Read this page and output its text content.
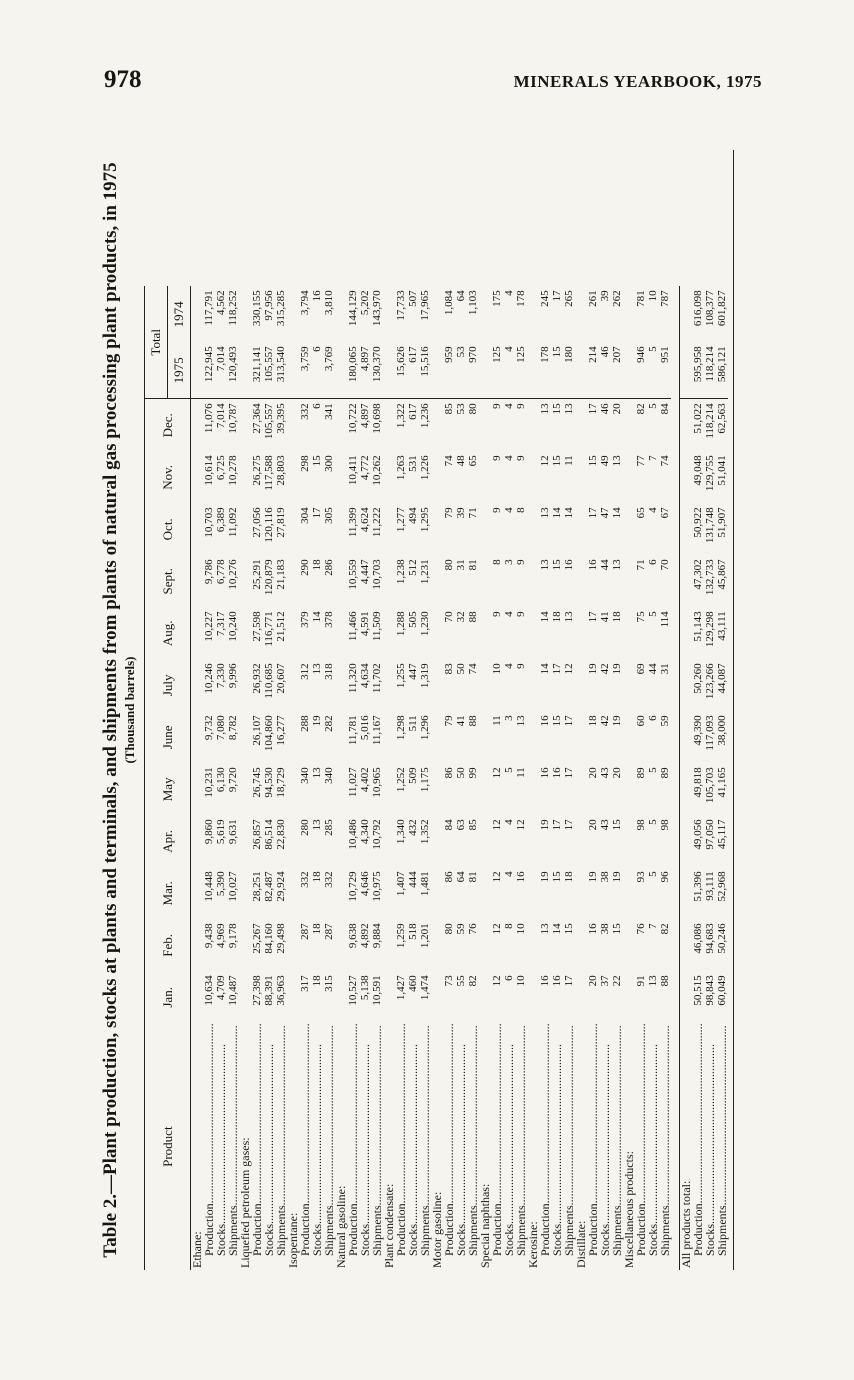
978	MINERALS YEARBOOK, 1975
Table 2.—Plant production, stocks at plants and terminals, and shipments from plants of natural gas processing plant products, in 1975 (Thousand barrels)
Product	Jan.	Feb.	Mar.	Apr.	May	June	July	Aug.	Sept.	Oct.	Nov.	Dec.	Total	
													1975	1974
Ethane:														
Production............................................................	10,634	9,438	10,448	9,860	10,231	9,732	10,246	10,227	9,786	10,703	10,614	11,076	122,945	117,791
Stocks............................................................	4,709	4,969	5,390	5,619	6,130	7,080	7,330	7,317	6,778	6,389	6,725	7,014	7,014	4,562
Shipments............................................................	10,487	9,178	10,027	9,631	9,720	8,782	9,996	10,240	10,276	11,092	10,278	10,787	120,493	118,252
Liquefied petroleum gases:														
Production............................................................	27,398	25,267	28,251	26,857	26,745	26,107	26,932	27,598	25,291	27,056	26,275	27,364	321,141	330,155
Stocks............................................................	88,391	84,160	82,487	86,514	94,530	104,860	110,685	116,771	120,879	120,116	117,588	105,557	105,557	97,956
Shipments............................................................	36,963	29,498	29,924	22,830	18,729	16,277	20,607	21,512	21,183	27,819	28,803	39,395	313,540	315,285
Isopentane:														
Production............................................................	317	287	332	280	340	288	312	379	290	304	298	332	3,759	3,794
Stocks............................................................	18	18	18	13	13	19	13	14	18	17	15	6	6	16
Shipments............................................................	315	287	332	285	340	282	318	378	286	305	300	341	3,769	3,810
Natural gasoline:														
Production............................................................	10,527	9,638	10,729	10,486	11,027	11,781	11,320	11,466	10,559	11,399	10,411	10,722	180,065	144,129
Stocks............................................................	5,138	4,892	4,646	4,340	4,402	5,016	4,634	4,591	4,447	4,624	4,772	4,897	4,897	5,202
Shipments............................................................	10,591	9,884	10,975	10,792	10,965	11,167	11,702	11,509	10,703	11,222	10,262	10,698	130,370	143,970
Plant condensate:														
Production............................................................	1,427	1,259	1,407	1,340	1,252	1,298	1,255	1,288	1,238	1,277	1,263	1,322	15,626	17,733
Stocks............................................................	460	518	444	432	509	511	447	505	512	494	531	617	617	507
Shipments............................................................	1,474	1,201	1,481	1,352	1,175	1,296	1,319	1,230	1,231	1,295	1,226	1,236	15,516	17,965
Motor gasoline:														
Production............................................................	73	80	86	84	86	79	83	70	80	79	74	85	959	1,084
Stocks............................................................	55	59	64	63	50	41	50	32	31	39	48	53	53	64
Shipments............................................................	82	76	81	85	99	88	74	88	81	71	65	80	970	1,103
Special naphthas:														
Production............................................................	12	12	12	12	12	11	10	9	8	9	9	9	125	175
Stocks............................................................	6	8	4	4	5	3	4	4	3	4	4	4	4	4
Shipments............................................................	10	10	16	12	11	13	9	9	9	8	9	9	125	178
Kerosine:														
Production............................................................	16	13	19	19	16	16	14	14	13	13	12	13	178	245
Stocks............................................................	16	14	15	17	16	15	17	18	15	14	15	15	15	17
Shipments............................................................	17	15	18	17	17	17	12	13	16	14	11	13	180	265
Distillate:														
Production............................................................	20	16	19	20	20	18	19	17	16	17	15	17	214	261
Stocks............................................................	37	38	38	43	43	42	42	41	44	47	49	46	46	39
Shipments............................................................	22	15	19	15	20	19	19	18	13	14	13	20	207	262
Miscellaneous products:														
Production............................................................	91	76	93	98	89	60	69	75	71	65	77	82	946	781
Stocks............................................................	13	7	5	5	5	6	44	5	6	4	7	5	5	10
Shipments............................................................	88	82	96	98	89	59	31	114	70	67	74	84	951	787

All products total:														
Production............................................................	50,515	46,086	51,396	49,056	49,818	49,390	50,260	51,143	47,302	50,922	49,048	51,022	595,958	616,098
Stocks............................................................	98,843	94,683	93,111	97,050	105,703	117,093	123,266	129,298	132,733	131,748	129,755	118,214	118,214	108,377
Shipments............................................................	60,049	50,246	52,968	45,117	41,165	38,000	44,087	43,111	45,867	51,907	51,041	62,563	586,121	601,827
